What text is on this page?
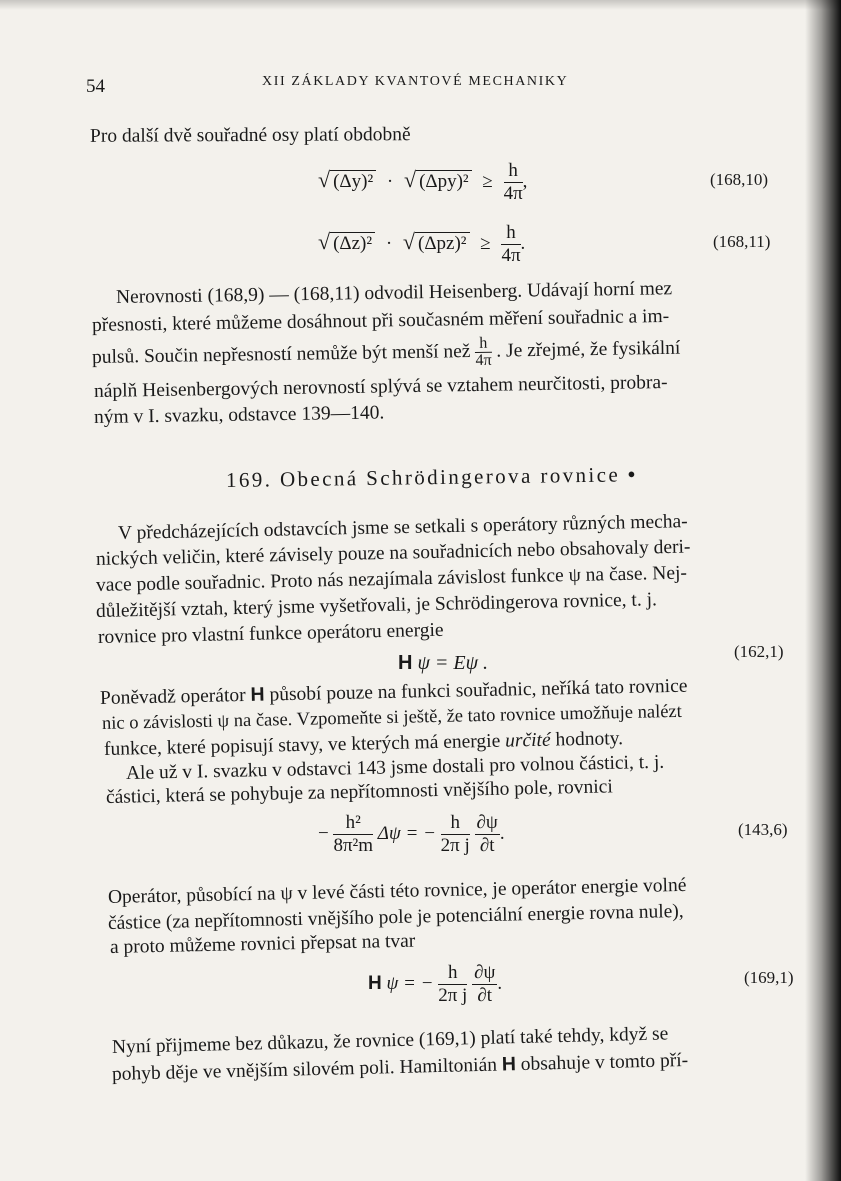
54	XII ZÁKLADY KVANTOVÉ MECHANIKY
Pro další dvě souřadné osy platí obdobně
√ (Δy)² · √ $(\Delta py)^2 \ge \frac{h}{4\pi}$ ,	(168,10)
√ (Δz)² · √ $(\Delta pz)^2 \ge \frac{h}{4\pi}$ .	(168,11)
Nerovnosti (168,9) — (168,11) odvodil Heisenberg. Udávají horní mez
přesnosti, které můžeme dosáhnout při současném měření souřadnic a im-
pulsů. Součin nepřesností nemůže být menší než $\frac{h}{4\pi}$ . Je zřejmé, že fysikální
náplň Heisenbergových nerovností splývá se vztahem neurčitosti, probra-
ným v I. svazku, odstavce 139—140.
169. Obecná Schrödingerova rovnice •
V předcházejících odstavcích jsme se setkali s operátory různých mecha-
nických veličin, které závisely pouze na souřadnicích nebo obsahovaly deri-
vace podle souřadnic. Proto nás nezajímala závislost funkce ψ na čase. Nej-
důležitější vztah, který jsme vyšetřovali, je Schrödingerova rovnice, t. j.
rovnice pro vlastní funkce operátoru energie
H ψ = Eψ .
(162,1)
Poněvadž operátor H působí pouze na funkci souřadnic, neříká tato rovnice
nic o závislosti ψ na čase. Vzpomeňte si ještě, že tato rovnice umožňuje nalézt
funkce, které popisují stavy, ve kterých má energie určité hodnoty.
Ale už v I. svazku v odstavci 143 jsme dostali pro volnou částici, t. j.
částici, která se pohybuje za nepřítomnosti vnějšího pole, rovnici
− $\frac{\text{h²}}{\text{8π²m}}$ Δψ = − $\frac{h}{\text{2π j}}$
$\frac{\partial\psi}{\partial t}$ .	(143,6)
Operátor, působící na ψ v levé části této rovnice, je operátor energie volné
částice (za nepřítomnosti vnějšího pole je potenciální energie rovna nule),
a proto můžeme rovnici přepsat na tvar
H ψ = − $\frac{h}{\text{2π j}}$
$\frac{\partial\psi}{\partial t}$ .	(169,1)
Nyní přijmeme bez důkazu, že rovnice (169,1) platí také tehdy, když se
pohyb děje ve vnějším silovém poli. Hamiltonián H obsahuje v tomto pří-
